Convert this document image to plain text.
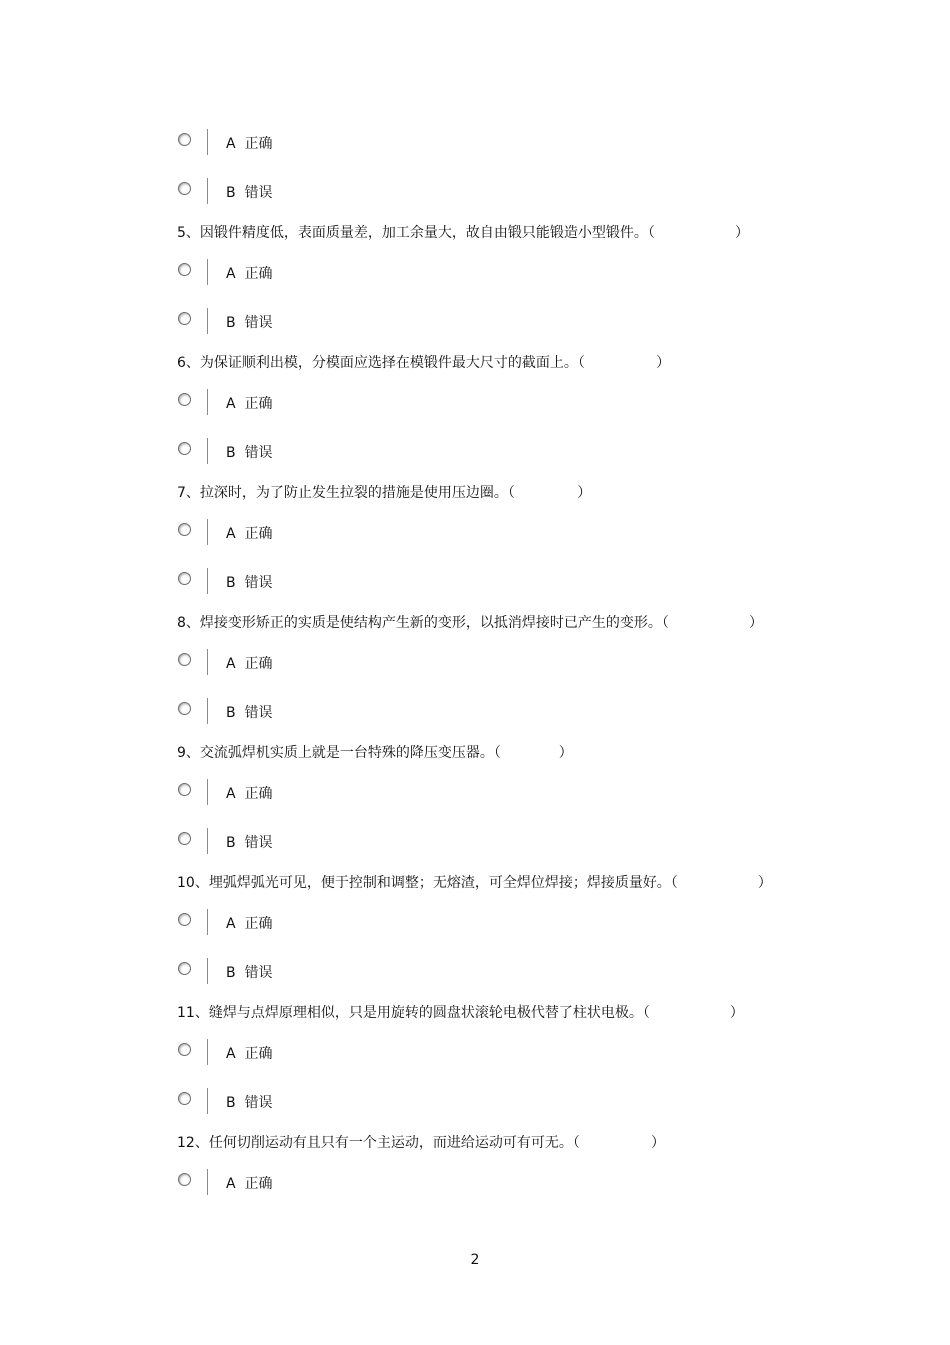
A  正确
B  错误
5、因锻件精度低，表面质量差，加工余量大，故自由锻只能锻造小型锻件。（                  ）
A  正确
B  错误
6、为保证顺利出模，分模面应选择在模锻件最大尺寸的截面上。（                ）
A  正确
B  错误
7、拉深时，为了防止发生拉裂的措施是使用压边圈。（              ）
A  正确
B  错误
8、焊接变形矫正的实质是使结构产生新的变形，以抵消焊接时已产生的变形。（                  ）
A  正确
B  错误
9、交流弧焊机实质上就是一台特殊的降压变压器。（             ）
A  正确
B  错误
10、埋弧焊弧光可见，便于控制和调整；无熔渣，可全焊位焊接；焊接质量好。（                  ）
A  正确
B  错误
11、缝焊与点焊原理相似，只是用旋转的圆盘状滚轮电极代替了柱状电极。（                  ）
A  正确
B  错误
12、任何切削运动有且只有一个主运动，而进给运动可有可无。（                ）
A  正确
2
